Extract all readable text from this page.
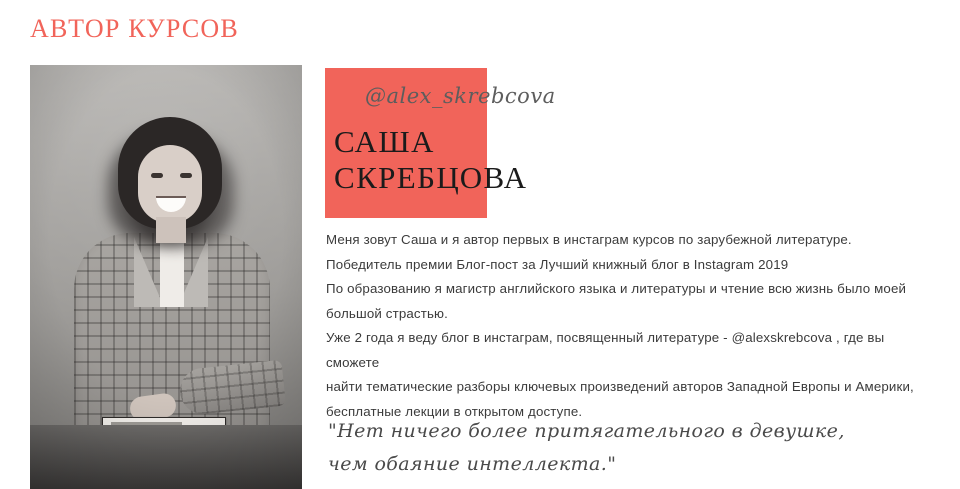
АВТОР КУРСОВ
@alex_skrebcova
САША
СКРЕБЦОВА

Меня зовут Саша и я автор первых в инстаграм курсов по зарубежной литературе.

Победитель премии Блог-пост за Лучший книжный блог в Instagram 2019

По образованию я магистр английского языка и литературы и чтение всю жизнь было моей

большой страстью.

Уже 2 года я веду блог в инстаграм, посвященный литературе - @alexskrebcova , где вы сможете

найти тематические разборы ключевых произведений авторов Западной Европы и Америки,

бесплатные лекции в открытом доступе.

"Нет ничего более притягательного в девушке,
чем обаяние интеллекта."
